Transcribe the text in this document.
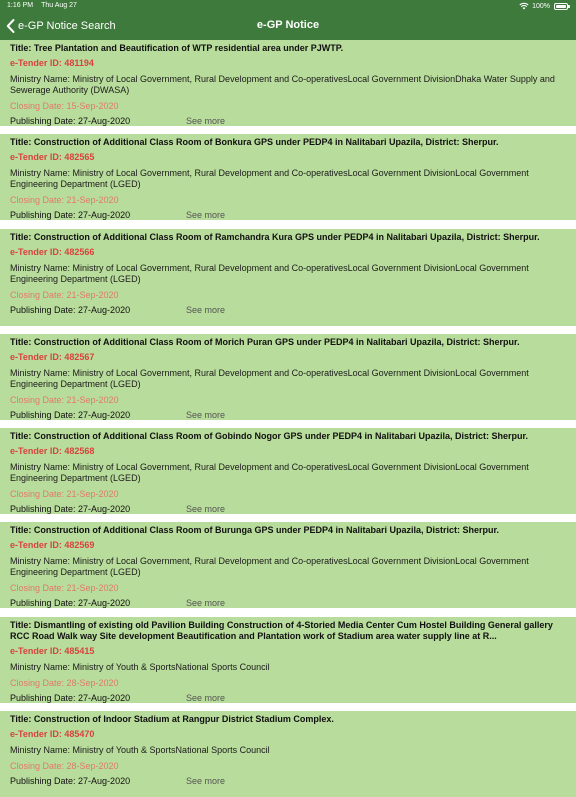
1:16 PM Thu Aug 27	100%
e-GP Notice Search	e-GP Notice
Title: Tree Plantation and Beautification of WTP residential area under PJWTP.
e-Tender ID: 481194
Ministry Name: Ministry of Local Government, Rural Development and Co-operativesLocal Government DivisionDhaka Water Supply and Sewerage Authority (DWASA)
Closing Date: 15-Sep-2020
Publishing Date: 27-Aug-2020	See more
Title: Construction of Additional Class Room of Bonkura GPS under PEDP4 in Nalitabari Upazila, District: Sherpur.
e-Tender ID: 482565
Ministry Name: Ministry of Local Government, Rural Development and Co-operativesLocal Government DivisionLocal Government Engineering Department (LGED)
Closing Date: 21-Sep-2020
Publishing Date: 27-Aug-2020	See more
Title: Construction of Additional Class Room of Ramchandra Kura GPS under PEDP4 in Nalitabari Upazila, District: Sherpur.
e-Tender ID: 482566
Ministry Name: Ministry of Local Government, Rural Development and Co-operativesLocal Government DivisionLocal Government Engineering Department (LGED)
Closing Date: 21-Sep-2020
Publishing Date: 27-Aug-2020	See more
Title: Construction of Additional Class Room of Morich Puran GPS under PEDP4 in Nalitabari Upazila, District: Sherpur.
e-Tender ID: 482567
Ministry Name: Ministry of Local Government, Rural Development and Co-operativesLocal Government DivisionLocal Government Engineering Department (LGED)
Closing Date: 21-Sep-2020
Publishing Date: 27-Aug-2020	See more
Title: Construction of Additional Class Room of Gobindo Nogor GPS under PEDP4 in Nalitabari Upazila, District: Sherpur.
e-Tender ID: 482568
Ministry Name: Ministry of Local Government, Rural Development and Co-operativesLocal Government DivisionLocal Government Engineering Department (LGED)
Closing Date: 21-Sep-2020
Publishing Date: 27-Aug-2020	See more
Title: Construction of Additional Class Room of Burunga GPS under PEDP4 in Nalitabari Upazila, District: Sherpur.
e-Tender ID: 482569
Ministry Name: Ministry of Local Government, Rural Development and Co-operativesLocal Government DivisionLocal Government Engineering Department (LGED)
Closing Date: 21-Sep-2020
Publishing Date: 27-Aug-2020	See more
Title: Dismantling of existing old Pavilion Building Construction of 4-Storied Media Center Cum Hostel Building General gallery RCC Road Walk way Site development Beautification and Plantation work of Stadium area water supply line at R...
e-Tender ID: 485415
Ministry Name: Ministry of Youth & SportsNational Sports Council
Closing Date: 28-Sep-2020
Publishing Date: 27-Aug-2020	See more
Title: Construction of Indoor Stadium at Rangpur District Stadium Complex.
e-Tender ID: 485470
Ministry Name: Ministry of Youth & SportsNational Sports Council
Closing Date: 28-Sep-2020
Publishing Date: 27-Aug-2020	See more
